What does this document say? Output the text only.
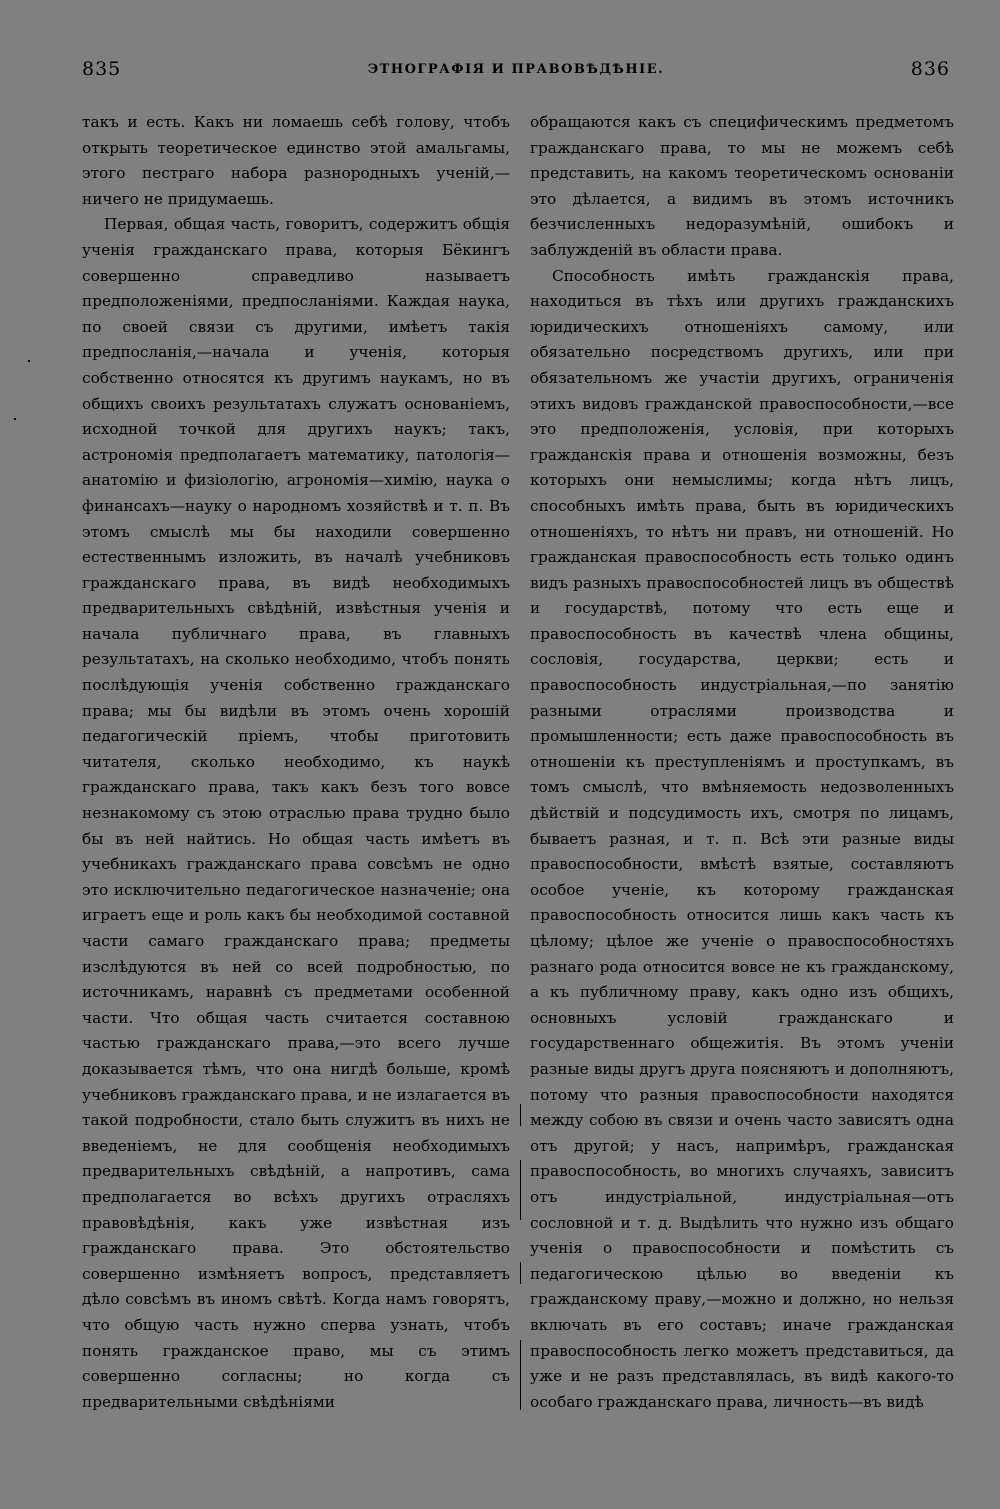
835	ЭТНОГРАФІЯ И ПРАВОВѢДѢНІЕ.	836

такъ и есть. Какъ ни ломаешь себѣ голову, чтобъ открыть теоретическое единство этой амальгамы, этого пестраго набора разнородныхъ ученій,—ничего не придумаешь.

Первая, общая часть, говоритъ, содержитъ общія ученія гражданскаго права, которыя Бёкингъ совершенно справедливо называетъ предположеніями, предпосланіями. Каждая наука, по своей связи съ другими, имѣетъ такія предпосланія,—начала и ученія, которыя собственно относятся къ другимъ наукамъ, но въ общихъ своихъ результатахъ служатъ основаніемъ, исходной точкой для другихъ наукъ; такъ, астрономія предполагаетъ математику, патологія—анатомію и физіологію, агрономія—химію, наука о финансахъ—науку о народномъ хозяйствѣ и т. п. Въ этомъ смыслѣ мы бы находили совершенно естественнымъ изложить, въ началѣ учебниковъ гражданскаго права, въ видѣ необходимыхъ предварительныхъ свѣдѣній, извѣстныя ученія и начала публичнаго права, въ главныхъ результатахъ, на сколько необходимо, чтобъ понять послѣдующія ученія собственно гражданскаго права; мы бы видѣли въ этомъ очень хорошій педагогическій пріемъ, чтобы приготовить читателя, сколько необходимо, къ наукѣ гражданскаго права, такъ какъ безъ того вовсе незнакомому съ этою отраслью права трудно было бы въ ней найтись. Но общая часть имѣетъ въ учебникахъ гражданскаго права совсѣмъ не одно это исключительно педагогическое назначеніе; она играетъ еще и роль какъ бы необходимой составной части самаго гражданскаго права; предметы изслѣдуются въ ней со всей подробностью, по источникамъ, наравнѣ съ предметами особенной части. Что общая часть считается составною частью гражданскаго права,—это всего лучше доказывается тѣмъ, что она нигдѣ больше, кромѣ учебниковъ гражданскаго права, и не излагается въ такой подробности, стало быть служитъ въ нихъ не введеніемъ, не для сообщенія необходимыхъ предварительныхъ свѣдѣній, а напротивъ, сама предполагается во всѣхъ другихъ отрасляхъ правовѣдѣнія, какъ уже извѣстная изъ гражданскаго права. Это обстоятельство совершенно измѣняетъ вопросъ, представляетъ дѣло совсѣмъ въ иномъ свѣтѣ. Когда намъ говорятъ, что общую часть нужно сперва узнать, чтобъ понять гражданское право, мы съ этимъ совершенно согласны; но когда съ предварительными свѣдѣніями

обращаются какъ съ специфическимъ предметомъ гражданскаго права, то мы не можемъ себѣ представить, на какомъ теоретическомъ основаніи это дѣлается, а видимъ въ этомъ источникъ безчисленныхъ недоразумѣній, ошибокъ и заблужденій въ области права.

Способность имѣть гражданскія права, находиться въ тѣхъ или другихъ гражданскихъ юридическихъ отношеніяхъ самому, или обязательно посредствомъ другихъ, или при обязательномъ же участіи другихъ, ограниченія этихъ видовъ гражданской правоспособности,—все это предположенія, условія, при которыхъ гражданскія права и отношенія возможны, безъ которыхъ они немыслимы; когда нѣтъ лицъ, способныхъ имѣть права, быть въ юридическихъ отношеніяхъ, то нѣтъ ни правъ, ни отношеній. Но гражданская правоспособность есть только одинъ видъ разныхъ правоспособностей лицъ въ обществѣ и государствѣ, потому что есть еще и правоспособность въ качествѣ члена общины, сословія, государства, церкви; есть и правоспособность индустріальная,—по занятію разными отраслями производства и промышленности; есть даже правоспособность въ отношеніи къ преступленіямъ и проступкамъ, въ томъ смыслѣ, что вмѣняемость недозволенныхъ дѣйствій и подсудимость ихъ, смотря по лицамъ, бываетъ разная, и т. п. Всѣ эти разные виды правоспособности, вмѣстѣ взятые, составляютъ особое ученіе, къ которому гражданская правоспособность относится лишь какъ часть къ цѣлому; цѣлое же ученіе о правоспособностяхъ разнаго рода относится вовсе не къ гражданскому, а къ публичному праву, какъ одно изъ общихъ, основныхъ условій гражданскаго и государственнаго общежитія. Въ этомъ ученіи разные виды другъ друга поясняютъ и дополняютъ, потому что разныя правоспособности находятся между собою въ связи и очень часто зависятъ одна отъ другой; у насъ, напримѣръ, гражданская правоспособность, во многихъ случаяхъ, зависитъ отъ индустріальной, индустріальная—отъ сословной и т. д. Выдѣлить что нужно изъ общаго ученія о правоспособности и помѣстить съ педагогическою цѣлью во введеніи къ гражданскому праву,—можно и должно, но нельзя включать въ его составъ; иначе гражданская правоспособность легко можетъ представиться, да уже и не разъ представлялась, въ видѣ какого-то особаго гражданскаго права, личность—въ видѣ
